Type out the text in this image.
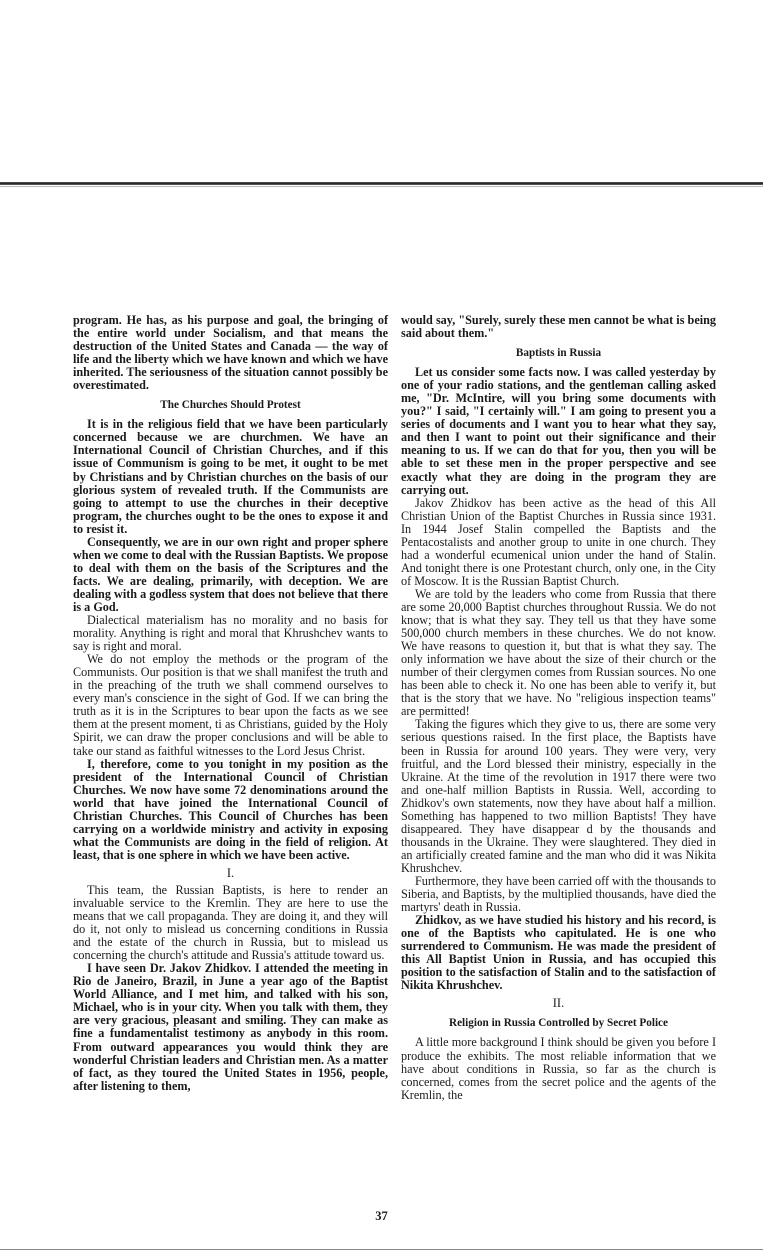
program. He has, as his purpose and goal, the bringing of the entire world under Socialism, and that means the destruction of the United States and Canada — the way of life and the liberty which we have known and which we have inherited. The seriousness of the situation cannot possibly be overestimated.

The Churches Should Protest

It is in the religious field that we have been particularly concerned because we are churchmen. We have an International Council of Christian Churches, and if this issue of Communism is going to be met, it ought to be met by Christians and by Christian churches on the basis of our glorious system of revealed truth. If the Communists are going to attempt to use the churches in their deceptive program, the churches ought to be the ones to expose it and to resist it.

Consequently, we are in our own right and proper sphere when we come to deal with the Russian Baptists. We propose to deal with them on the basis of the Scriptures and the facts. We are dealing, primarily, with deception. We are dealing with a godless system that does not believe that there is a God.

Dialectical materialism has no morality and no basis for morality. Anything is right and moral that Khrushchev wants to say is right and moral.

We do not employ the methods or the program of the Communists. Our position is that we shall manifest the truth and in the preaching of the truth we shall commend ourselves to every man's conscience in the sight of God. If we can bring the truth as it is in the Scriptures to bear upon the facts as we see them at the present moment, ti as Christians, guided by the Holy Spirit, we can draw the proper conclusions and will be able to take our stand as faithful witnesses to the Lord Jesus Christ.

I, therefore, come to you tonight in my position as the president of the International Council of Christian Churches. We now have some 72 denominations around the world that have joined the International Council of Christian Churches. This Council of Churches has been carrying on a worldwide ministry and activity in exposing what the Communists are doing in the field of religion. At least, that is one sphere in which we have been active.

I.

This team, the Russian Baptists, is here to render an invaluable service to the Kremlin. They are here to use the means that we call propaganda. They are doing it, and they will do it, not only to mislead us concerning conditions in Russia and the estate of the church in Russia, but to mislead us concerning the church's attitude and Russia's attitude toward us.

I have seen Dr. Jakov Zhidkov. I attended the meeting in Rio de Janeiro, Brazil, in June a year ago of the Baptist World Alliance, and I met him, and talked with his son, Michael, who is in your city. When you talk with them, they are very gracious, pleasant and smiling. They can make as fine a fundamentalist testimony as anybody in this room. From outward appearances you would think they are wonderful Christian leaders and Christian men. As a matter of fact, as they toured the United States in 1956, people, after listening to them,

would say, "Surely, surely these men cannot be what is being said about them."

Baptists in Russia

Let us consider some facts now. I was called yesterday by one of your radio stations, and the gentleman calling asked me, "Dr. McIntire, will you bring some documents with you?" I said, "I certainly will." I am going to present you a series of documents and I want you to hear what they say, and then I want to point out their significance and their meaning to us. If we can do that for you, then you will be able to set these men in the proper perspective and see exactly what they are doing in the program they are carrying out.

Jakov Zhidkov has been active as the head of this All Christian Union of the Baptist Churches in Russia since 1931. In 1944 Josef Stalin compelled the Baptists and the Pentacostalists and another group to unite in one church. They had a wonderful ecumenical union under the hand of Stalin. And tonight there is one Protestant church, only one, in the City of Moscow. It is the Russian Baptist Church.

We are told by the leaders who come from Russia that there are some 20,000 Baptist churches throughout Russia. We do not know; that is what they say. They tell us that they have some 500,000 church members in these churches. We do not know. We have reasons to question it, but that is what they say. The only information we have about the size of their church or the number of their clergymen comes from Russian sources. No one has been able to check it. No one has been able to verify it, but that is the story that we have. No "religious inspection teams" are permitted!

Taking the figures which they give to us, there are some very serious questions raised. In the first place, the Baptists have been in Russia for around 100 years. They were very, very fruitful, and the Lord blessed their ministry, especially in the Ukraine. At the time of the revolution in 1917 there were two and one-half million Baptists in Russia. Well, according to Zhidkov's own statements, now they have about half a million. Something has happened to two million Baptists! They have disappeared. They have disappear d by the thousands and thousands in the Ukraine. They were slaughtered. They died in an artificially created famine and the man who did it was Nikita Khrushchev.

Furthermore, they have been carried off with the thousands to Siberia, and Baptists, by the multiplied thousands, have died the martyrs' death in Russia.

Zhidkov, as we have studied his history and his record, is one of the Baptists who capitulated. He is one who surrendered to Communism. He was made the president of this All Baptist Union in Russia, and has occupied this position to the satisfaction of Stalin and to the satisfaction of Nikita Khrushchev.

II.
Religion in Russia Controlled by Secret Police

A little more background I think should be given you before I produce the exhibits. The most reliable information that we have about conditions in Russia, so far as the church is concerned, comes from the secret police and the agents of the Kremlin, the

37
